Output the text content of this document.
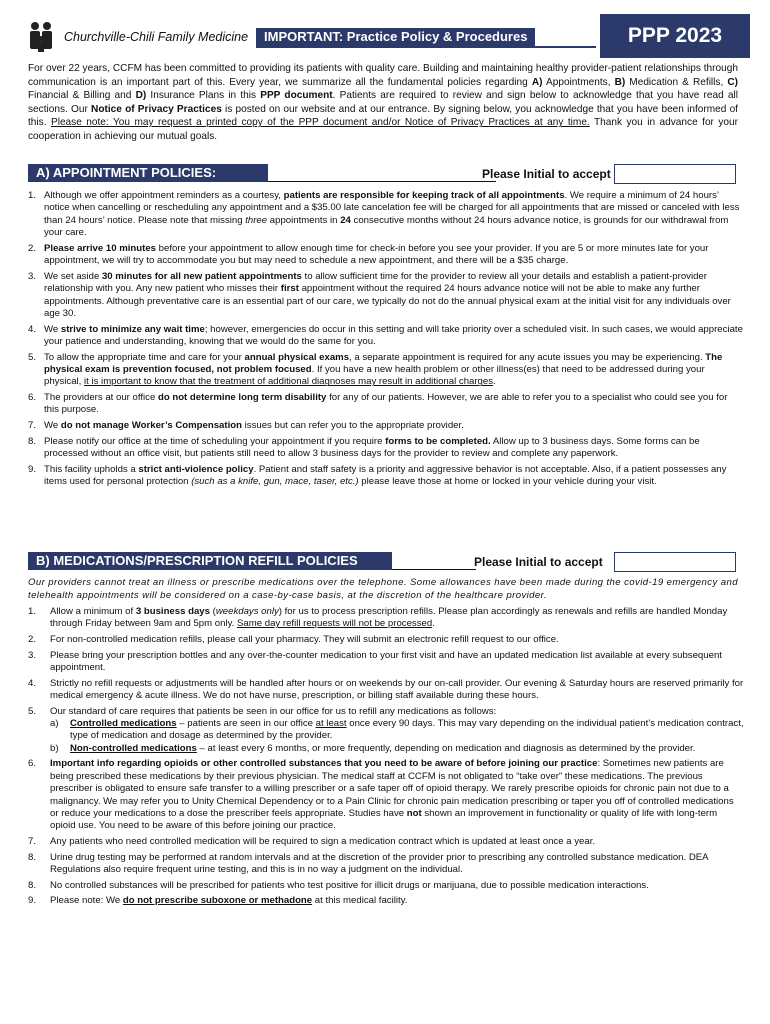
Churchville-Chili Family Medicine	IMPORTANT: Practice Policy & Procedures	PPP 2023
For over 22 years, CCFM has been committed to providing its patients with quality care. Building and maintaining healthy provider-patient relationships through communication is an important part of this. Every year, we summarize all the fundamental policies regarding A) Appointments, B) Medication & Refills, C) Financial & Billing and D) Insurance Plans in this PPP document. Patients are required to review and sign below to acknowledge that you have read all sections. Our Notice of Privacy Practices is posted on our website and at our entrance. By signing below, you acknowledge that you have been informed of this. Please note: You may request a printed copy of the PPP document and/or Notice of Privacy Practices at any time. Thank you in advance for your cooperation in achieving our mutual goals.
A) APPOINTMENT POLICIES:	Please Initial to accept
1. Although we offer appointment reminders as a courtesy, patients are responsible for keeping track of all appointments. We require a minimum of 24 hours’ notice when cancelling or rescheduling any appointment and a $35.00 late cancelation fee will be charged for all appointments that are missed or canceled with less than 24 hours’ notice. Please note that missing three appointments in 24 consecutive months without 24 hours advance notice, is grounds for our withdrawal from your care.
2. Please arrive 10 minutes before your appointment to allow enough time for check-in before you see your provider. If you are 5 or more minutes late for your appointment, we will try to accommodate you but may need to schedule a new appointment, and there will be a $35 charge.
3. We set aside 30 minutes for all new patient appointments to allow sufficient time for the provider to review all your details and establish a patient-provider relationship with you. Any new patient who misses their first appointment without the required 24 hours advance notice will not be able to make any further appointments. Although preventative care is an essential part of our care, we typically do not do the annual physical exam at the initial visit for any individuals over age 30.
4. We strive to minimize any wait time; however, emergencies do occur in this setting and will take priority over a scheduled visit. In such cases, we would appreciate your patience and understanding, knowing that we would do the same for you.
5. To allow the appropriate time and care for your annual physical exams, a separate appointment is required for any acute issues you may be experiencing. The physical exam is prevention focused, not problem focused. If you have a new health problem or other illness(es) that need to be addressed during your physical, it is important to know that the treatment of additional diagnoses may result in additional charges.
6. The providers at our office do not determine long term disability for any of our patients. However, we are able to refer you to a specialist who could see you for this purpose.
7. We do not manage Worker’s Compensation issues but can refer you to the appropriate provider.
8. Please notify our office at the time of scheduling your appointment if you require forms to be completed. Allow up to 3 business days. Some forms can be processed without an office visit, but patients still need to allow 3 business days for the provider to review and complete any paperwork.
9. This facility upholds a strict anti-violence policy. Patient and staff safety is a priority and aggressive behavior is not acceptable. Also, if a patient possesses any items used for personal protection (such as a knife, gun, mace, taser, etc.) please leave those at home or locked in your vehicle during your visit.
B) MEDICATIONS/PRESCRIPTION REFILL POLICIES	Please Initial to accept
Our providers cannot treat an illness or prescribe medications over the telephone. Some allowances have been made during the covid-19 emergency and telehealth appointments will be considered on a case-by-case basis, at the discretion of the healthcare provider.
1. Allow a minimum of 3 business days (weekdays only) for us to process prescription refills. Please plan accordingly as renewals and refills are handled Monday through Friday between 9am and 5pm only. Same day refill requests will not be processed.
2. For non-controlled medication refills, please call your pharmacy. They will submit an electronic refill request to our office.
3. Please bring your prescription bottles and any over-the-counter medication to your first visit and have an updated medication list available at every subsequent appointment.
4. Strictly no refill requests or adjustments will be handled after hours or on weekends by our on-call provider. Our evening & Saturday hours are reserved primarily for medical emergency & acute illness. We do not have nurse, prescription, or billing staff available during these hours.
5. Our standard of care requires that patients be seen in our office for us to refill any medications as follows:
a) Controlled medications – patients are seen in our office at least once every 90 days. This may vary depending on the individual patient’s medication contract, type of medication and dosage as determined by the provider.
b) Non-controlled medications – at least every 6 months, or more frequently, depending on medication and diagnosis as determined by the provider.
6. Important info regarding opioids or other controlled substances that you need to be aware of before joining our practice: Sometimes new patients are being prescribed these medications by their previous physician. The medical staff at CCFM is not obligated to “take over” these medications. The previous prescriber is obligated to ensure safe transfer to a willing prescriber or a safe taper off of opioid therapy. We rarely prescribe opioids for chronic pain not due to a malignancy. We may refer you to Unity Chemical Dependency or to a Pain Clinic for chronic pain medication prescribing or taper you off of controlled medications or reduce your medications to a dose the prescriber feels appropriate. Studies have not shown an improvement in functionality or quality of life with long-term opioid use. You need to be aware of this before joining our practice.
7. Any patients who need controlled medication will be required to sign a medication contract which is updated at least once a year.
8. Urine drug testing may be performed at random intervals and at the discretion of the provider prior to prescribing any controlled substance medication. DEA Regulations also require frequent urine testing, and this is in no way a judgment on the individual.
8. No controlled substances will be prescribed for patients who test positive for illicit drugs or marijuana, due to possible medication interactions.
9. Please note: We do not prescribe suboxone or methadone at this medical facility.
